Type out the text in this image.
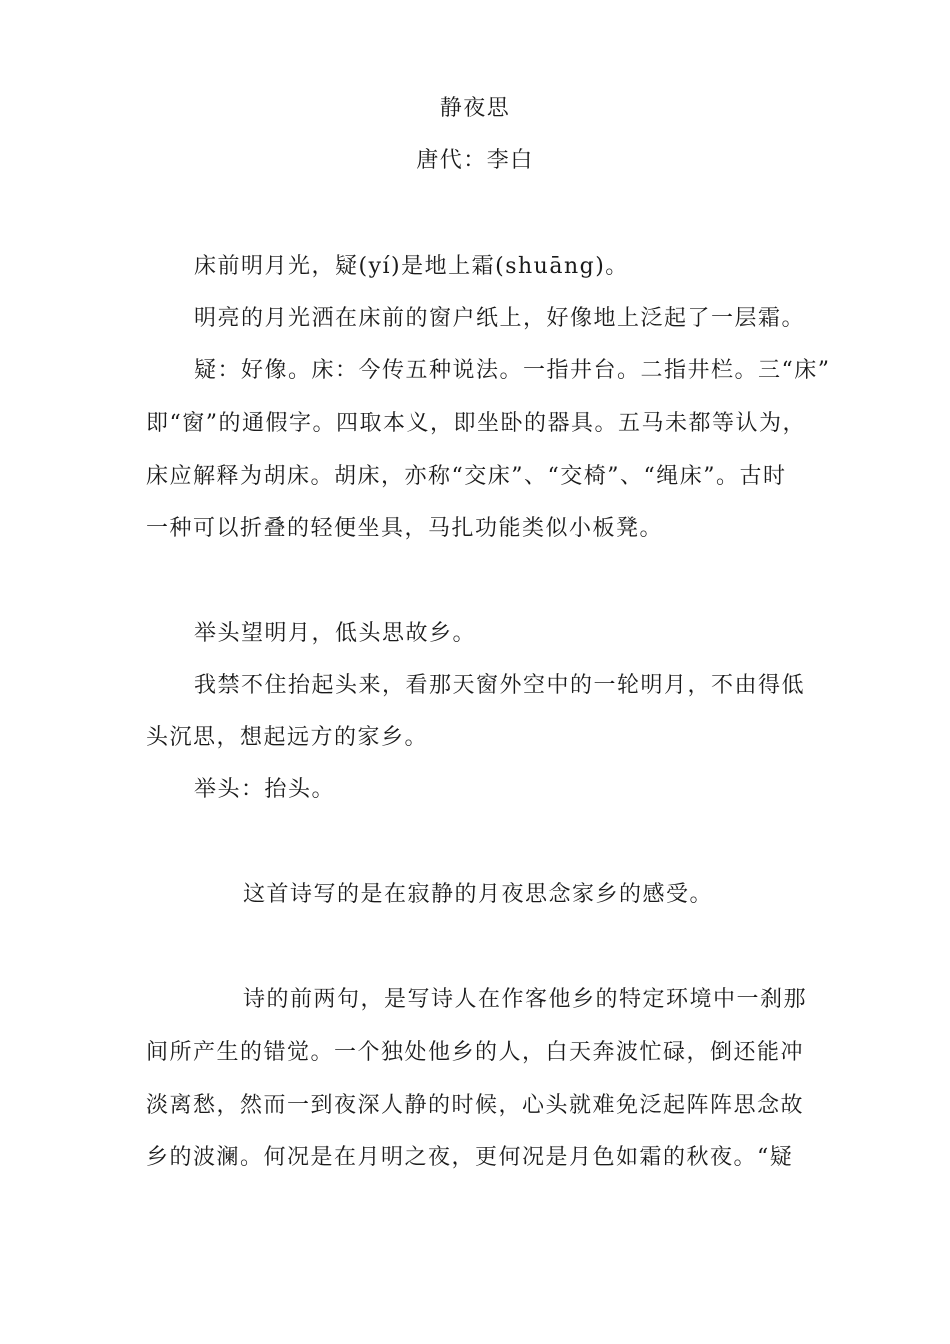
静夜思
唐代：李白
床前明月光，疑(yí)是地上霜(shuāng)。
明亮的月光洒在床前的窗户纸上，好像地上泛起了一层霜。
疑：好像。床：今传五种说法。一指井台。二指井栏。三“床”
即“窗”的通假字。四取本义，即坐卧的器具。五马未都等认为，
床应解释为胡床。胡床，亦称“交床”、“交椅”、“绳床”。古时
一种可以折叠的轻便坐具，马扎功能类似小板凳。
举头望明月，低头思故乡。
我禁不住抬起头来，看那天窗外空中的一轮明月，不由得低
头沉思，想起远方的家乡。
举头：抬头。
这首诗写的是在寂静的月夜思念家乡的感受。
诗的前两句，是写诗人在作客他乡的特定环境中一刹那
间所产生的错觉。一个独处他乡的人，白天奔波忙碌，倒还能冲
淡离愁，然而一到夜深人静的时候，心头就难免泛起阵阵思念故
乡的波澜。何况是在月明之夜，更何况是月色如霜的秋夜。“疑
